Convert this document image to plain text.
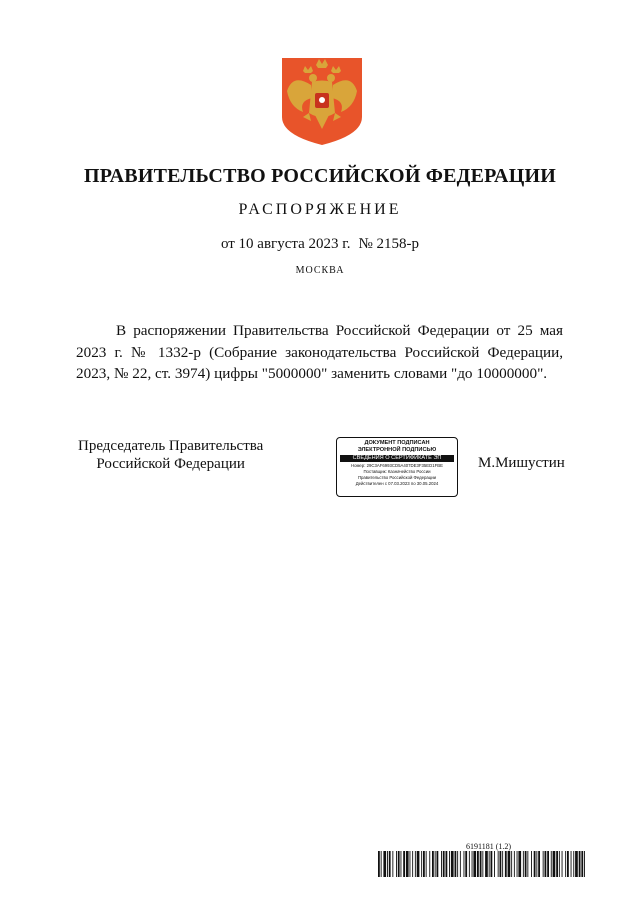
ПРАВИТЕЛЬСТВО РОССИЙСКОЙ ФЕДЕРАЦИИ
РАСПОРЯЖЕНИЕ
от 10 августа 2023 г. № 2158-р
МОСКВА

В распоряжении Правительства Российской Федерации от 25 мая 2023 г. № 1332-р (Собрание законодательства Российской Федерации, 2023, № 22, ст. 3974) цифры "5000000" заменить словами "до 10000000".

Председатель Правительства
Российской Федерации
ДОКУМЕНТ ПОДПИСАН
ЭЛЕКТРОННОЙ ПОДПИСЬЮ
СВЕДЕНИЯ О СЕРТИФИКАТЕ ЭП
Номер: 29C3AF6993CD5A407DE3F35ED1FBE
Поставщик: Казначейство России
Правительство Российской Федерации
Действителен с 07.03.2023 по 30.05.2024
М.Мишустин
6191181 (1.2)
